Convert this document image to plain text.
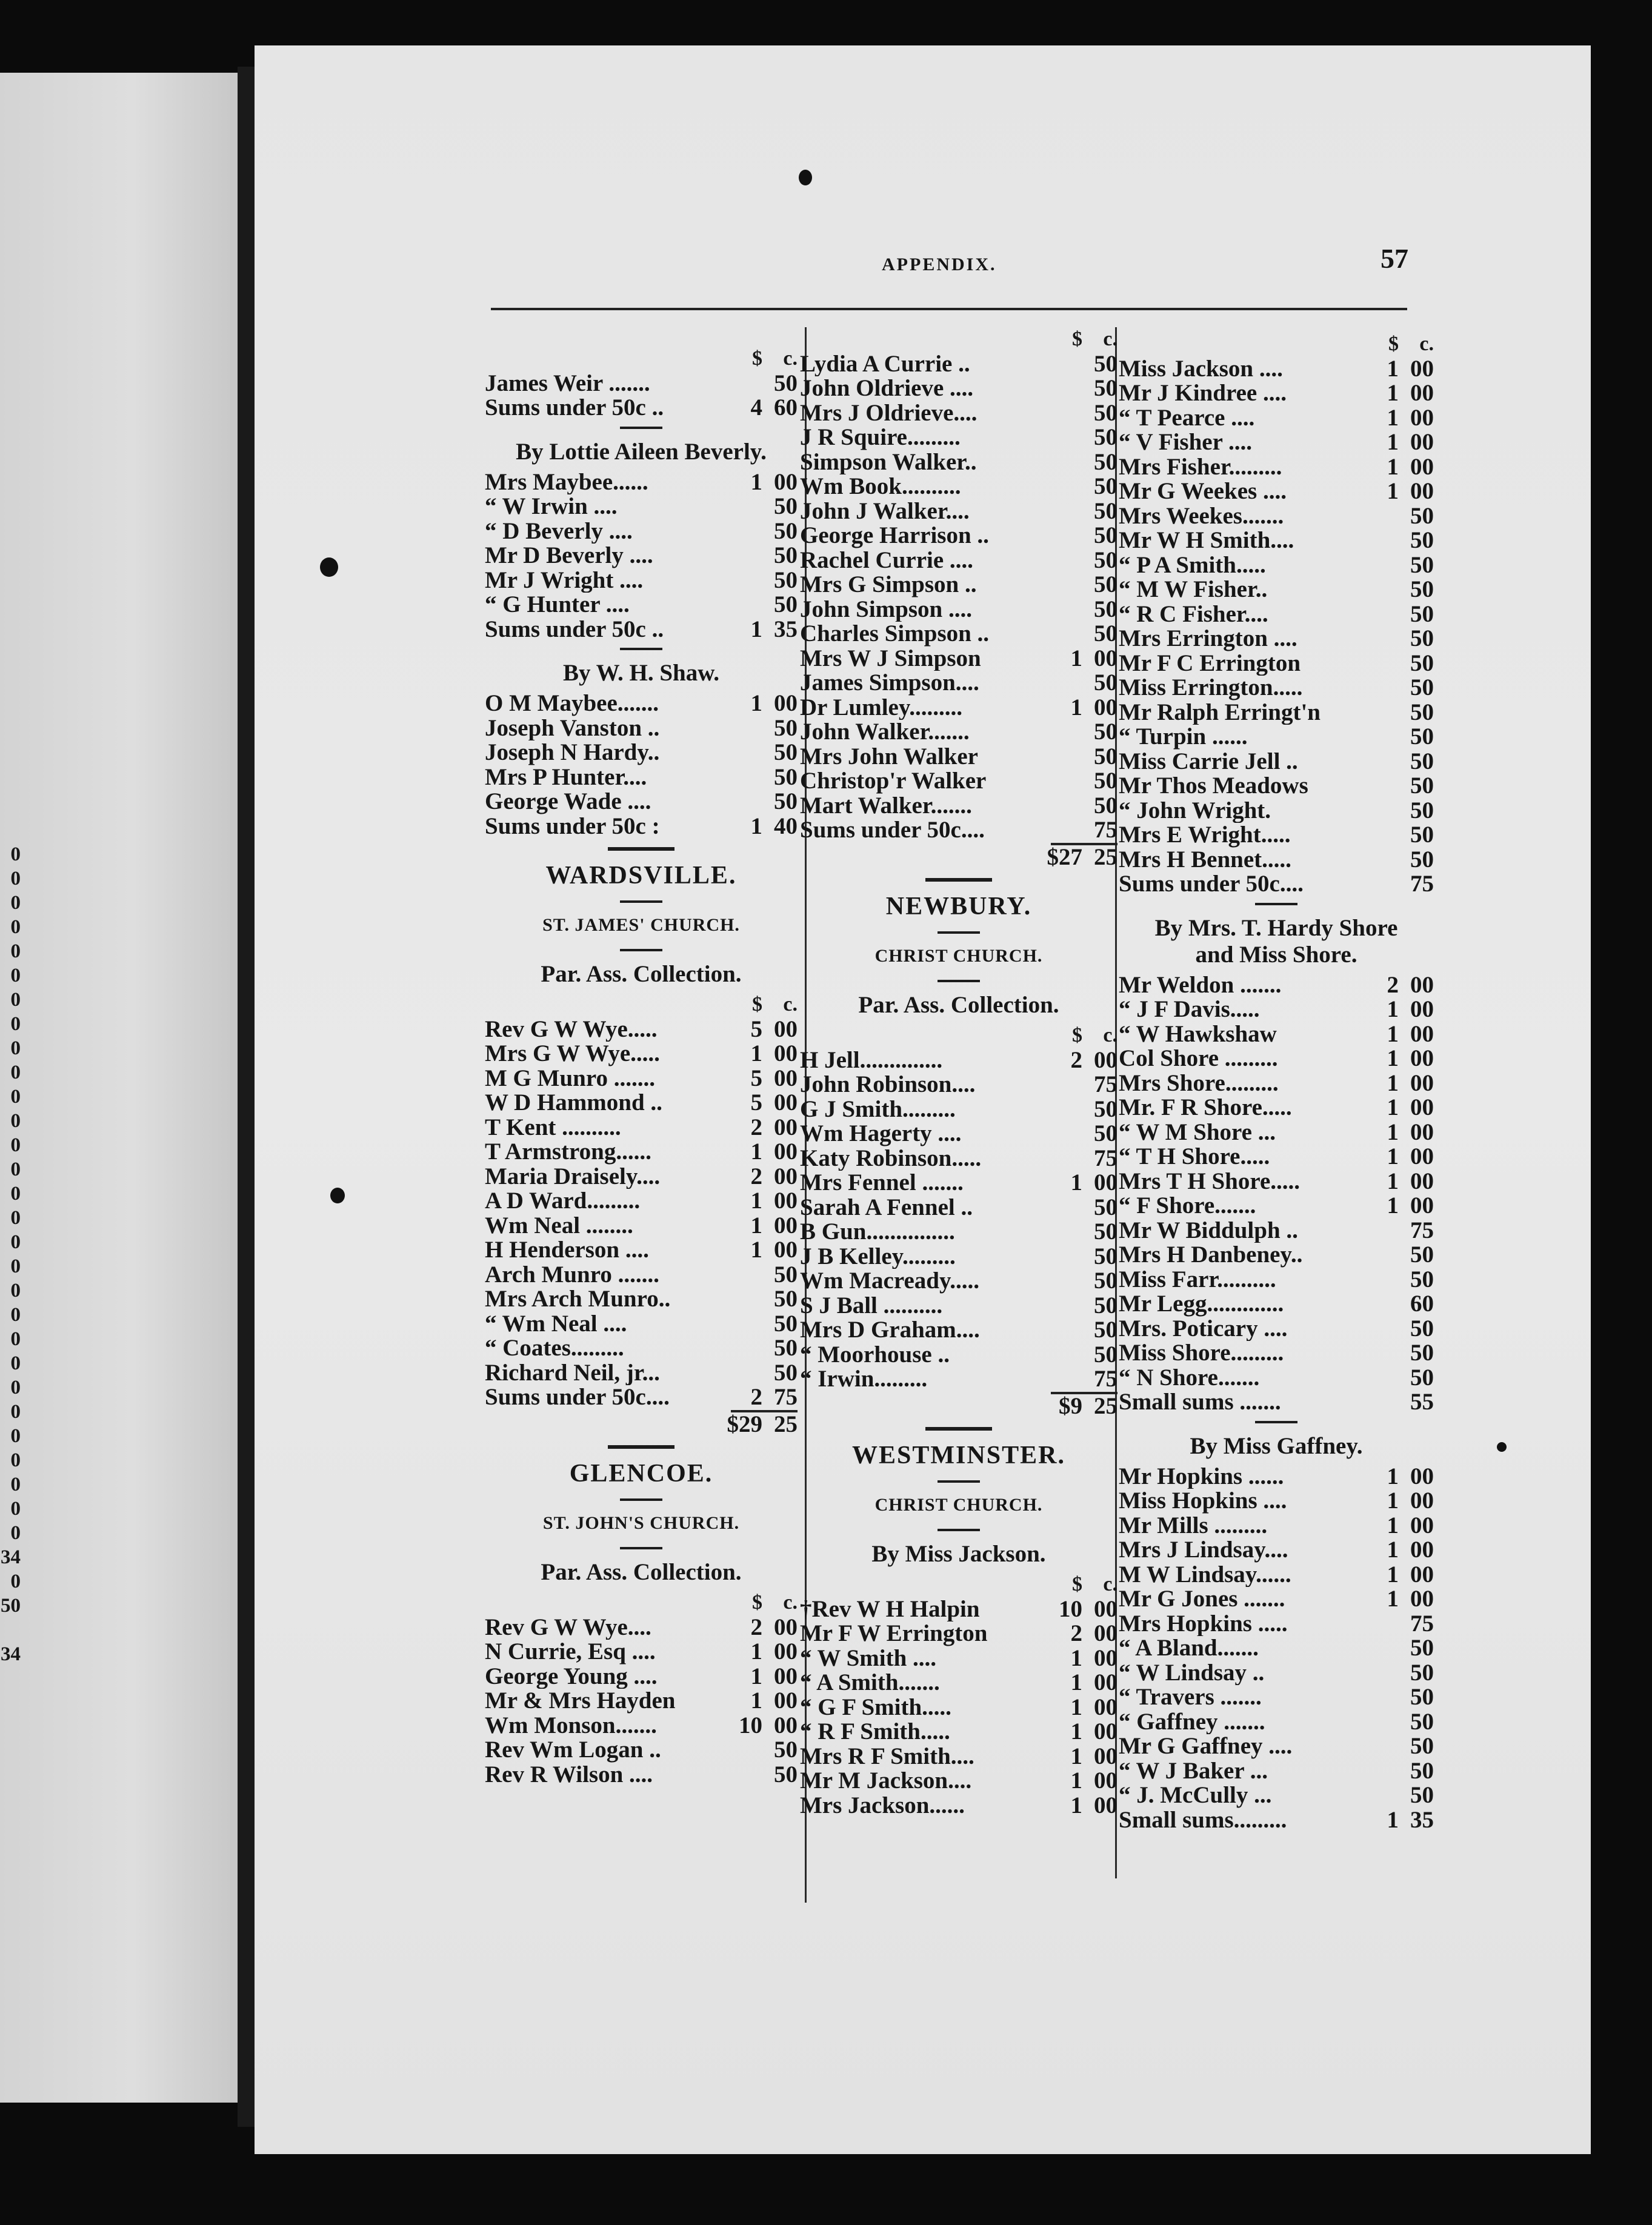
0
0
0
0
0
0
0
0
0
0
0
0
0
0
0
0
0
0
0
0
0
0
0
0
0
0
0
0
0
34
0
50
34
APPENDIX.	57
$	c.
James Weir .......	50
Sums under 50c ..	4 60
By Lottie Aileen Beverly.
Mrs Maybee......	1 00
“ W Irwin ....	50
“ D Beverly ....	50
Mr D Beverly ....	50
Mr J Wright ....	50
“ G Hunter ....	50
Sums under 50c ..	1 35
By W. H. Shaw.
O M Maybee.......	1 00
Joseph Vanston ..	50
Joseph N Hardy..	50
Mrs P Hunter....	50
George Wade ....	50
Sums under 50c :	1 40
WARDSVILLE.
ST. JAMES' CHURCH.
Par. Ass. Collection.
$	c.
Rev G W Wye.....	5 00
Mrs G W Wye.....	1 00
M G Munro .......	5 00
W D Hammond ..	5 00
T Kent ..........	2 00
T Armstrong......	1 00
Maria Draisely....	2 00
A D Ward.........	1 00
Wm Neal ........	1 00
H Henderson ....	1 00
Arch Munro .......	50
Mrs Arch Munro..	50
“ Wm Neal ....	50
“ Coates.........	50
Richard Neil, jr...	50
Sums under 50c....	2 75
$29 25
GLENCOE.
ST. JOHN'S CHURCH.
Par. Ass. Collection.
$	c.
Rev G W Wye....	2 00
N Currie, Esq ....	1 00
George Young ....	1 00
Mr & Mrs Hayden	1 00
Wm Monson.......	10 00
Rev Wm Logan ..	50
Rev R Wilson ....	50
$	c.
Lydia A Currie ..	50
John Oldrieve ....	50
Mrs J Oldrieve....	50
J R Squire.........	50
Simpson Walker..	50
Wm Book..........	50
John J Walker....	50
George Harrison ..	50
Rachel Currie ....	50
Mrs G Simpson ..	50
John Simpson ....	50
Charles Simpson ..	50
Mrs W J Simpson	1 00
James Simpson....	50
Dr Lumley.........	1 00
John Walker.......	50
Mrs John Walker	50
Christop'r Walker	50
Mart Walker.......	50
Sums under 50c....	75
$27 25
NEWBURY.
CHRIST CHURCH.
Par. Ass. Collection.
$	c.
H Jell..............	2 00
John Robinson....	75
G J Smith.........	50
Wm Hagerty ....	50
Katy Robinson.....	75
Mrs Fennel .......	1 00
Sarah A Fennel ..	50
B Gun...............	50
J B Kelley.........	50
Wm Macready.....	50
S J Ball ..........	50
Mrs D Graham....	50
“ Moorhouse ..	50
“ Irwin.........	75
$9 25
WESTMINSTER.
CHRIST CHURCH.
By Miss Jackson.
$	c.
†Rev W H Halpin	10 00
Mr F W Errington	2 00
“ W Smith ....	1 00
“ A Smith.......	1 00
“ G F Smith.....	1 00
“ R F Smith.....	1 00
Mrs R F Smith....	1 00
Mr M Jackson....	1 00
Mrs Jackson......	1 00
$	c.
Miss Jackson ....	1 00
Mr J Kindree ....	1 00
“ T Pearce ....	1 00
“ V Fisher ....	1 00
Mrs Fisher.........	1 00
Mr G Weekes ....	1 00
Mrs Weekes.......	50
Mr W H Smith....	50
“ P A Smith.....	50
“ M W Fisher..	50
“ R C Fisher....	50
Mrs Errington ....	50
Mr F C Errington	50
Miss Errington.....	50
Mr Ralph Erringt'n	50
“ Turpin ......	50
Miss Carrie Jell ..	50
Mr Thos Meadows	50
“ John Wright.	50
Mrs E Wright.....	50
Mrs H Bennet.....	50
Sums under 50c....	75
By Mrs. T. Hardy Shore
and Miss Shore.
Mr Weldon .......	2 00
“ J F Davis.....	1 00
“ W Hawkshaw	1 00
Col Shore .........	1 00
Mrs Shore.........	1 00
Mr. F R Shore.....	1 00
“ W M Shore ...	1 00
“ T H Shore.....	1 00
Mrs T H Shore.....	1 00
“ F Shore.......	1 00
Mr W Biddulph ..	75
Mrs H Danbeney..	50
Miss Farr..........	50
Mr Legg.............	60
Mrs. Poticary ....	50
Miss Shore.........	50
“ N Shore.......	50
Small sums .......	55
By Miss Gaffney.
Mr Hopkins ......	1 00
Miss Hopkins ....	1 00
Mr Mills .........	1 00
Mrs J Lindsay....	1 00
M W Lindsay......	1 00
Mr G Jones .......	1 00
Mrs Hopkins .....	75
“ A Bland.......	50
“ W Lindsay ..	50
“ Travers .......	50
“ Gaffney .......	50
Mr G Gaffney ....	50
“ W J Baker ...	50
“ J. McCully ...	50
Small sums.........	1 35
